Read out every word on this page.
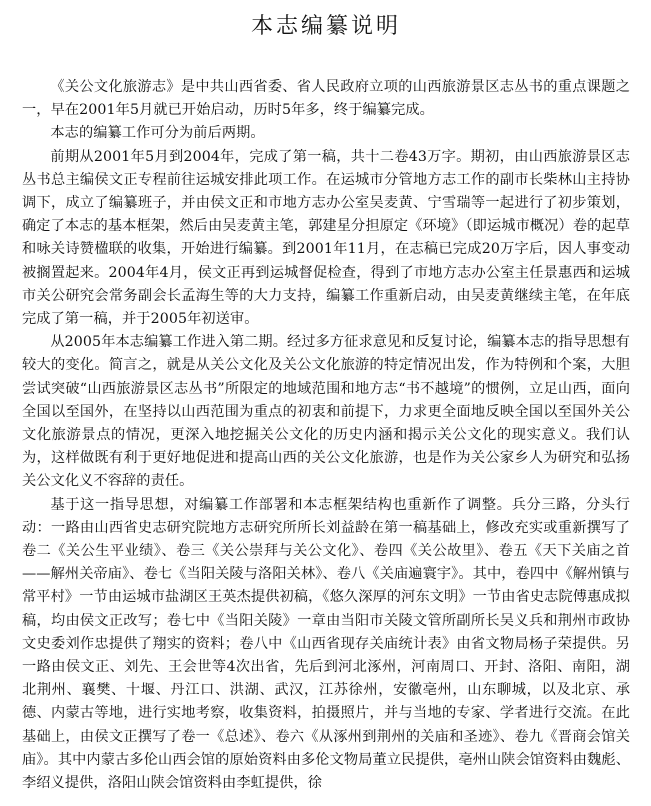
本志编纂说明

《关公文化旅游志》是中共山西省委、省人民政府立项的山西旅游景区志丛书的重点课题之一，早在2001年5月就已开始启动，历时5年多，终于编纂完成。

本志的编纂工作可分为前后两期。

前期从2001年5月到2004年，完成了第一稿，共十二卷43万字。期初，由山西旅游景区志丛书总主编侯文正专程前往运城安排此项工作。在运城市分管地方志工作的副市长柴林山主持协调下，成立了编纂班子，并由侯文正和市地方志办公室吴麦黄、宁雪瑞等一起进行了初步策划，确定了本志的基本框架，然后由吴麦黄主笔，郭建星分担原定《环境》（即运城市概况）卷的起草和咏关诗赞楹联的收集，开始进行编纂。到2001年11月，在志稿已完成20万字后，因人事变动被搁置起来。2004年4月，侯文正再到运城督促检查，得到了市地方志办公室主任景惠西和运城市关公研究会常务副会长孟海生等的大力支持，编纂工作重新启动，由吴麦黄继续主笔，在年底完成了第一稿，并于2005年初送审。

从2005年本志编纂工作进入第二期。经过多方征求意见和反复讨论，编纂本志的指导思想有较大的变化。简言之，就是从关公文化及关公文化旅游的特定情况出发，作为特例和个案，大胆尝试突破“山西旅游景区志丛书”所限定的地域范围和地方志“书不越境”的惯例，立足山西，面向全国以至国外，在坚持以山西范围为重点的初衷和前提下，力求更全面地反映全国以至国外关公文化旅游景点的情况，更深入地挖掘关公文化的历史内涵和揭示关公文化的现实意义。我们认为，这样做既有利于更好地促进和提高山西的关公文化旅游，也是作为关公家乡人为研究和弘扬关公文化义不容辞的责任。

基于这一指导思想，对编纂工作部署和本志框架结构也重新作了调整。兵分三路，分头行动：一路由山西省史志研究院地方志研究所所长刘益龄在第一稿基础上，修改充实或重新撰写了卷二《关公生平业绩》、卷三《关公崇拜与关公文化》、卷四《关公故里》、卷五《天下关庙之首——解州关帝庙》、卷七《当阳关陵与洛阳关林》、卷八《关庙遍寰宇》。其中，卷四中《解州镇与常平村》一节由运城市盐湖区王英杰提供初稿，《悠久深厚的河东文明》一节由省史志院傅惠成拟稿，均由侯文正改写；卷七中《当阳关陵》一章由当阳市关陵文管所副所长吴义兵和荆州市政协文史委刘作忠提供了翔实的资料；卷八中《山西省现存关庙统计表》由省文物局杨子荣提供。另一路由侯文正、刘先、王会世等4次出省，先后到河北涿州，河南周口、开封、洛阳、南阳，湖北荆州、襄樊、十堰、丹江口、洪湖、武汉，江苏徐州，安徽亳州，山东聊城，以及北京、承德、内蒙古等地，进行实地考察，收集资料，拍摄照片，并与当地的专家、学者进行交流。在此基础上，由侯文正撰写了卷一《总述》、卷六《从涿州到荆州的关庙和圣迹》、卷九《晋商会馆关庙》。其中内蒙古多伦山西会馆的原始资料由多伦文物局董立民提供，亳州山陕会馆资料由魏彪、李绍义提供，洛阳山陕会馆资料由李虹提供，徐
